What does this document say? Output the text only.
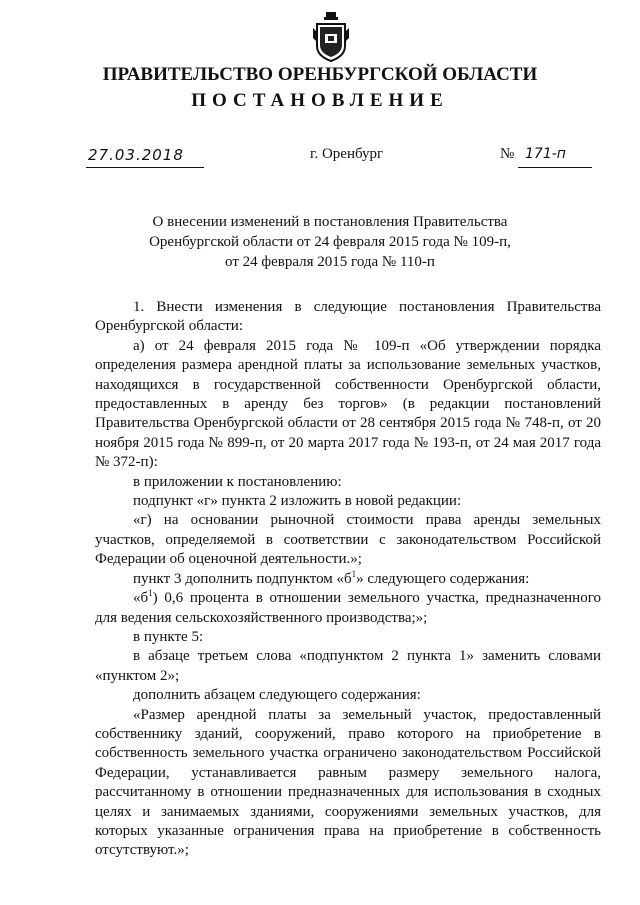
ПРАВИТЕЛЬСТВО ОРЕНБУРГСКОЙ ОБЛАСТИ
ПОСТАНОВЛЕНИЕ
27.03.2018	г. Оренбург	№ 171-п
О внесении изменений в постановления Правительства
Оренбургской области от 24 февраля 2015 года № 109-п,
от 24 февраля 2015 года № 110-п

1. Внести изменения в следующие постановления Правительства Оренбургской области:

а) от 24 февраля 2015 года № 109-п «Об утверждении порядка определения размера арендной платы за использование земельных участков, находящихся в государственной собственности Оренбургской области, предоставленных в аренду без торгов» (в редакции постановлений Правительства Оренбургской области от 28 сентября 2015 года № 748-п, от 20 ноября 2015 года № 899-п, от 20 марта 2017 года № 193-п, от 24 мая 2017 года № 372-п):

в приложении к постановлению:

подпункт «г» пункта 2 изложить в новой редакции:

«г) на основании рыночной стоимости права аренды земельных участков, определяемой в соответствии с законодательством Российской Федерации об оценочной деятельности.»;

пункт 3 дополнить подпунктом «$б^1$» следующего содержания:

«$б^1$) 0,6 процента в отношении земельного участка, предназначенного для ведения сельскохозяйственного производства;»;

в пункте 5:

в абзаце третьем слова «подпунктом 2 пункта 1» заменить словами «пунктом 2»;

дополнить абзацем следующего содержания:

«Размер арендной платы за земельный участок, предоставленный собственнику зданий, сооружений, право которого на приобретение в собственность земельного участка ограничено законодательством Российской Федерации, устанавливается равным размеру земельного налога, рассчитанному в отношении предназначенных для использования в сходных целях и занимаемых зданиями, сооружениями земельных участков, для которых указанные ограничения права на приобретение в собственность отсутствуют.»;
